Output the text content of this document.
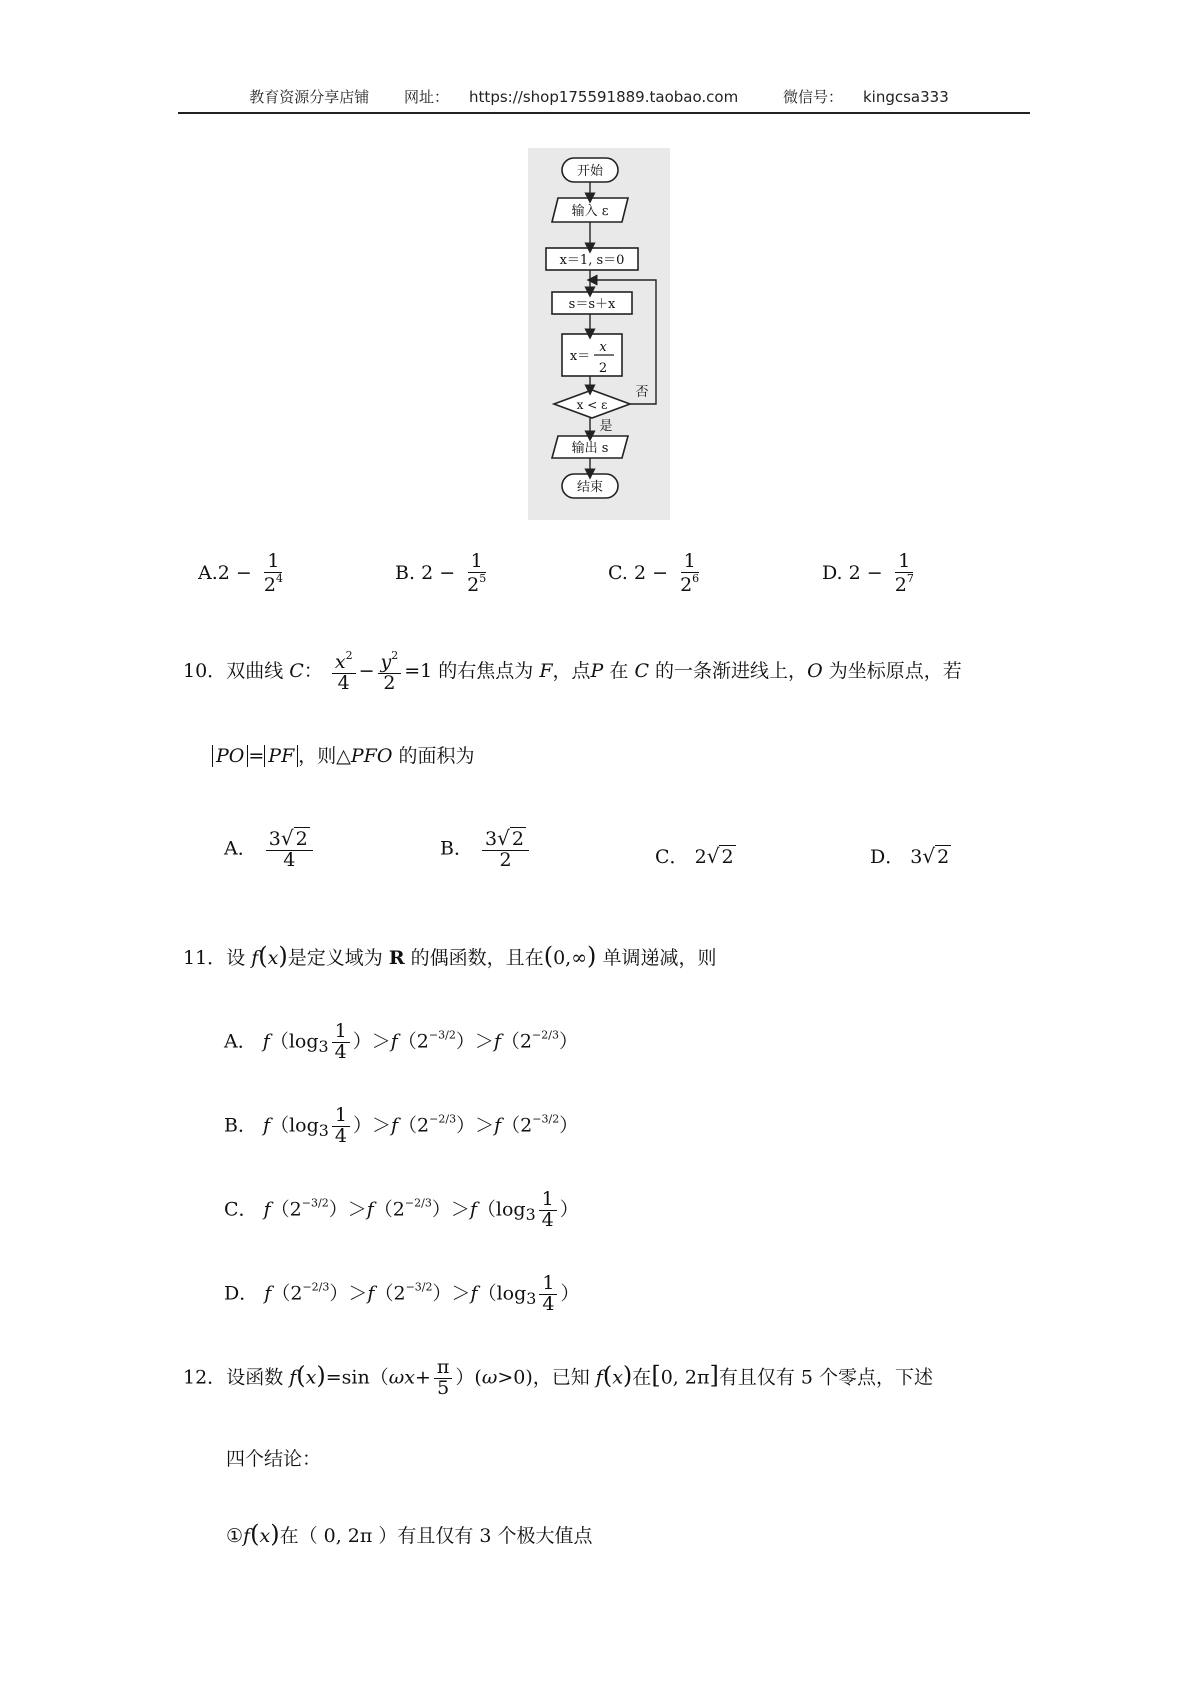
教育资源分享店铺 网址： https://shop175591889.taobao.com	微信号： kingcsa333
开始
输入 ε
x＝1, s＝0
s＝s＋x
x＝
x
2
x < ε
否
是
输出 s
结束
$A.2 - \frac{1}{2^4}$	B. $2 - \frac{1}{2^5}$	C. $2 - \frac{1}{2^6}$	D. $2 - \frac{1}{2^7}$
10．双曲线 C： $\frac{x^2}{4} - \frac{y^2}{2} =1$ 的右焦点为 F，点P 在 C 的一条渐进线上，O 为坐标原点，若
PO = PF ，则△PFO 的面积为
A． $\frac{3√ 2}{4}$	B． $\frac{3√ 2}{2}$	C． 2√ 2	D． 3√ 2
11．设 f(x)是定义域为 R 的偶函数，且在(0,∞) 单调递减，则
A． $f(\log_3 \frac{1}{4} )>f(2^{-3/2})>f(2^{-2/3})$
B． $f(\log_3 \frac{1}{4} )>f(2^{-2/3})>f(2^{-3/2})$
C． $f(2^{-3/2})>f(2^{-2/3})>f(\log_3 \frac{1}{4}$ ）
D． $f(2^{-2/3})>f(2^{-3/2})>f(\log_3 \frac{1}{4}$ ）
12．设函数 $f(x)=\sin(\omega x+ \frac{\pi}{5} )(\omega>0)$，已知 f(x)在[0, 2π]有且仅有 5 个零点，下述
四个结论：
①f(x)在（ 0, 2π ）有且仅有 3 个极大值点
